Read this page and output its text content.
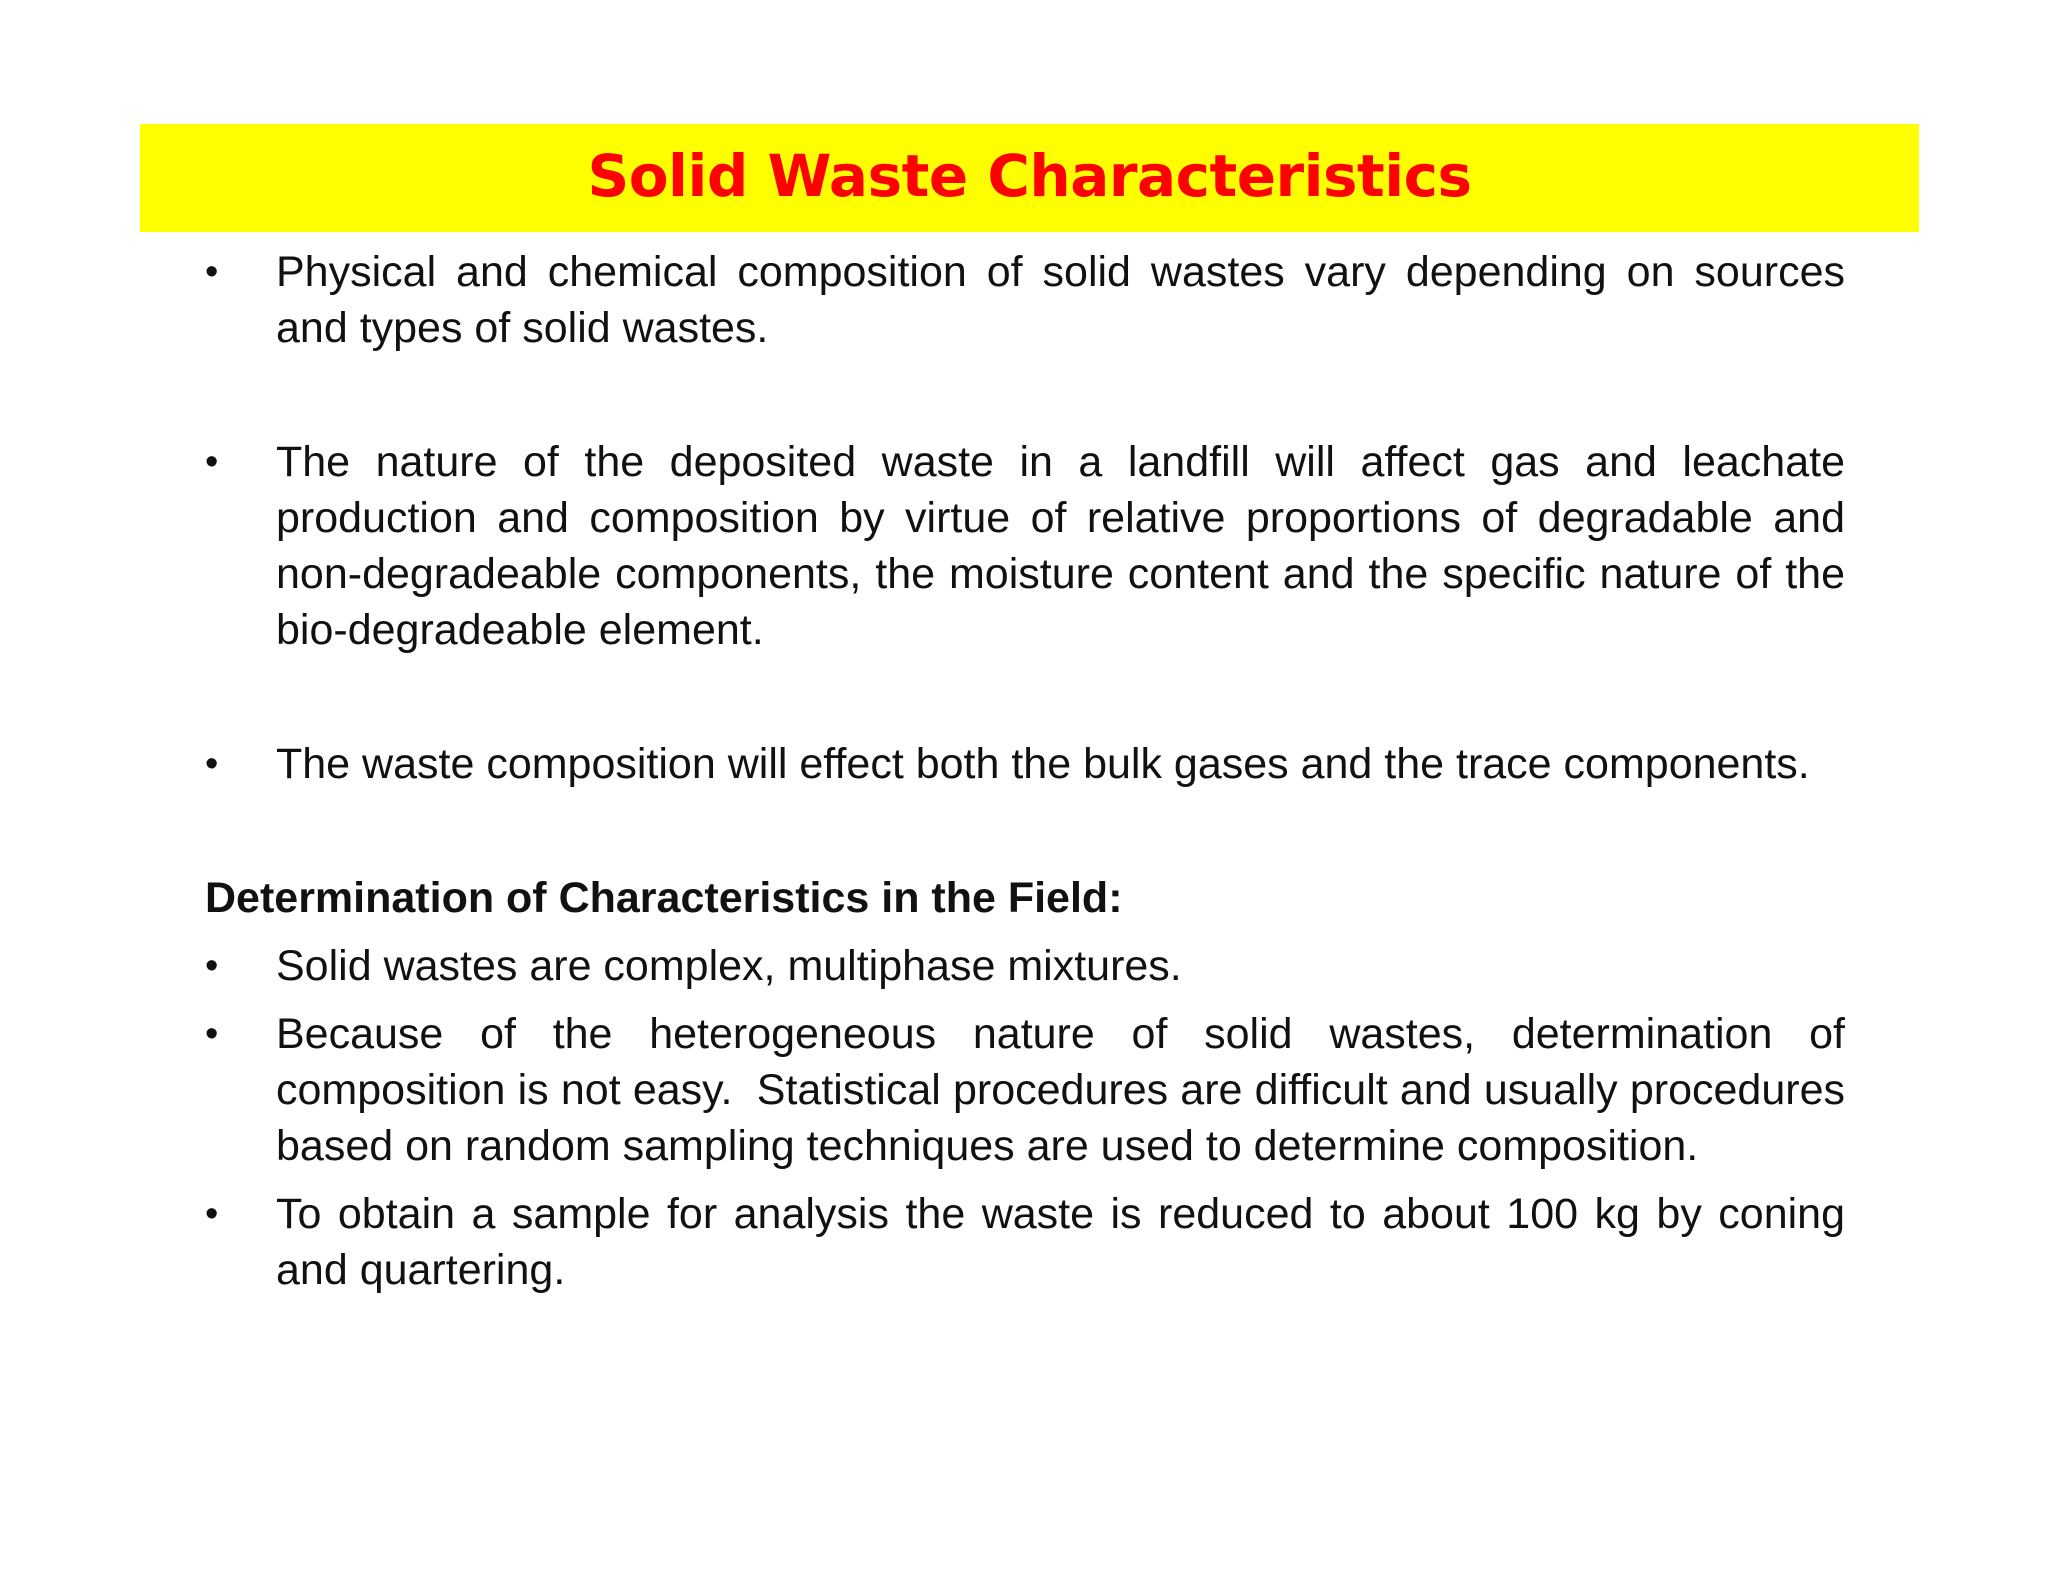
Solid Waste Characteristics
•	Physical and chemical composition of solid wastes vary depending on sources and types of solid wastes.
•	The nature of the deposited waste in a landfill will affect gas and leachate production and composition by virtue of relative proportions of degradable and non-degradeable components, the moisture content and the specific nature of the bio-degradeable element.
•	The waste composition will effect both the bulk gases and the trace components.
Determination of Characteristics in the Field:
•	Solid wastes are complex, multiphase mixtures.
•	Because of the heterogeneous nature of solid wastes, determination of composition is not easy.  Statistical procedures are difficult and usually procedures based on random sampling techniques are used to determine composition.
•	To obtain a sample for analysis the waste is reduced to about 100 kg by coning and quartering.
